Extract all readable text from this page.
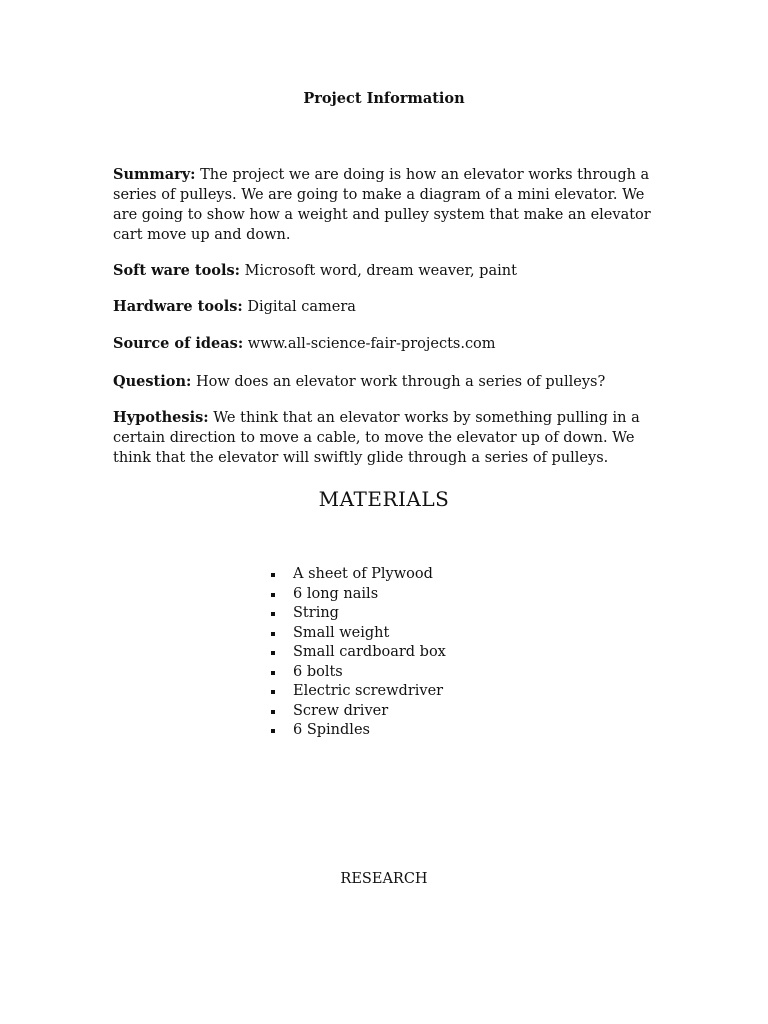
Project Information
Summary: The project we are doing is how an elevator works through a series of pulleys. We are going to make a diagram of a mini elevator. We are going to show how a weight and pulley system that make an elevator cart move up and down.
Soft ware tools: Microsoft word, dream weaver, paint
Hardware tools: Digital camera
Source of ideas: www.all-science-fair-projects.com
Question: How does an elevator work through a series of pulleys?
Hypothesis: We think that an elevator works by something pulling in a certain direction to move a cable, to move the elevator up of down. We think that the elevator will swiftly glide through a series of pulleys.
MATERIALS
A sheet of Plywood
6 long nails
String
Small weight
Small cardboard box
6 bolts
Electric screwdriver
Screw driver
6 Spindles
RESEARCH
